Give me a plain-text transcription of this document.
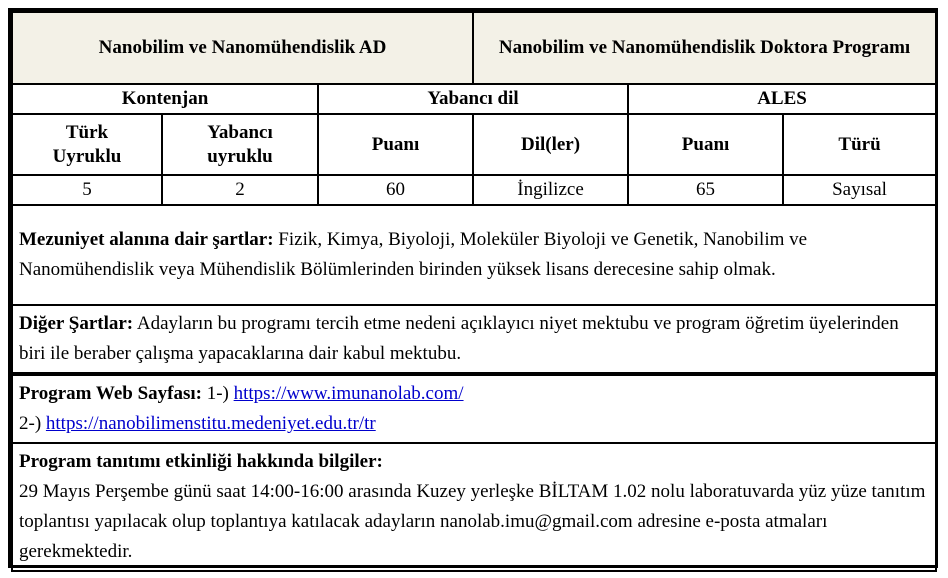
Nanobilim ve Nanomühendislik AD			Nanobilim ve Nanomühendislik Doktora Programı		
Kontenjan		Yabancı dil		ALES	
Türk Uyruklu	Yabancı uyruklu	Puanı	Dil(ler)	Puanı	Türü
5	2	60	İngilizce	65	Sayısal
Mezuniyet alanına dair şartlar: Fizik, Kimya, Biyoloji, Moleküler Biyoloji ve Genetik, Nanobilim ve Nanomühendislik veya Mühendislik Bölümlerinden birinden yüksek lisans derecesine sahip olmak.					
Diğer Şartlar: Adayların bu programı tercih etme nedeni açıklayıcı niyet mektubu ve program öğretim üyelerinden biri ile beraber çalışma yapacaklarına dair kabul mektubu.					
Program Web Sayfası: 1-) https://www.imunanolab.com/
2-) https://nanobilimenstitu.medeniyet.edu.tr/tr					
Program tanıtımı etkinliği hakkında bilgiler:
29 Mayıs Perşembe günü saat 14:00-16:00 arasında Kuzey yerleşke BİLTAM 1.02 nolu laboratuvarda yüz yüze tanıtım toplantısı yapılacak olup toplantıya katılacak adayların nanolab.imu@gmail.com adresine e-posta atmaları gerekmektedir.					
